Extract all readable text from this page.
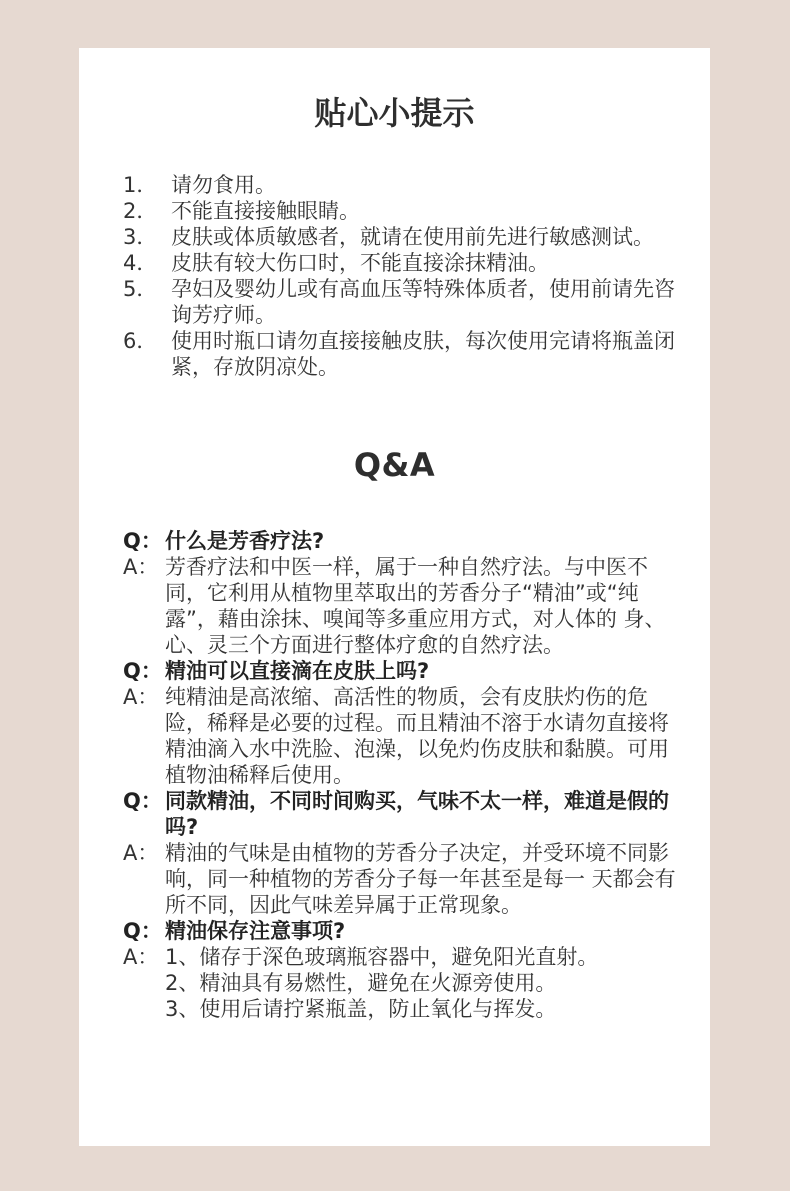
贴心小提示
1． 请勿食用。
2． 不能直接接触眼睛。
3． 皮肤或体质敏感者，就请在使用前先进行敏感测试。
4． 皮肤有较大伤口时，不能直接涂抹精油。
5． 孕妇及婴幼儿或有高血压等特殊体质者，使用前请先咨询芳疗师。
6． 使用时瓶口请勿直接接触皮肤，每次使用完请将瓶盖闭紧，存放阴凉处。
Q&A
Q： 什么是芳香疗法?
A： 芳香疗法和中医一样，属于一种自然疗法。与中医不同，它利用从植物里萃取出的芳香分子“精油”或“纯露”，藉由涂抹、嗅闻等多重应用方式，对人体的 身、心、灵三个方面进行整体疗愈的自然疗法。
Q： 精油可以直接滴在皮肤上吗?
A： 纯精油是高浓缩、高活性的物质，会有皮肤灼伤的危险，稀释是必要的过程。而且精油不溶于水请勿直接将精油滴入水中洗脸、泡澡，以免灼伤皮肤和黏膜。可用植物油稀释后使用。
Q： 同款精油，不同时间购买，气味不太一样，难道是假的吗?
A： 精油的气味是由植物的芳香分子决定，并受环境不同影响，同一种植物的芳香分子每一年甚至是每一 天都会有所不同，因此气味差异属于正常现象。
Q： 精油保存注意事项?
A： 1、储存于深色玻璃瓶容器中，避免阳光直射。
2、精油具有易燃性，避免在火源旁使用。
3、使用后请拧紧瓶盖，防止氧化与挥发。
